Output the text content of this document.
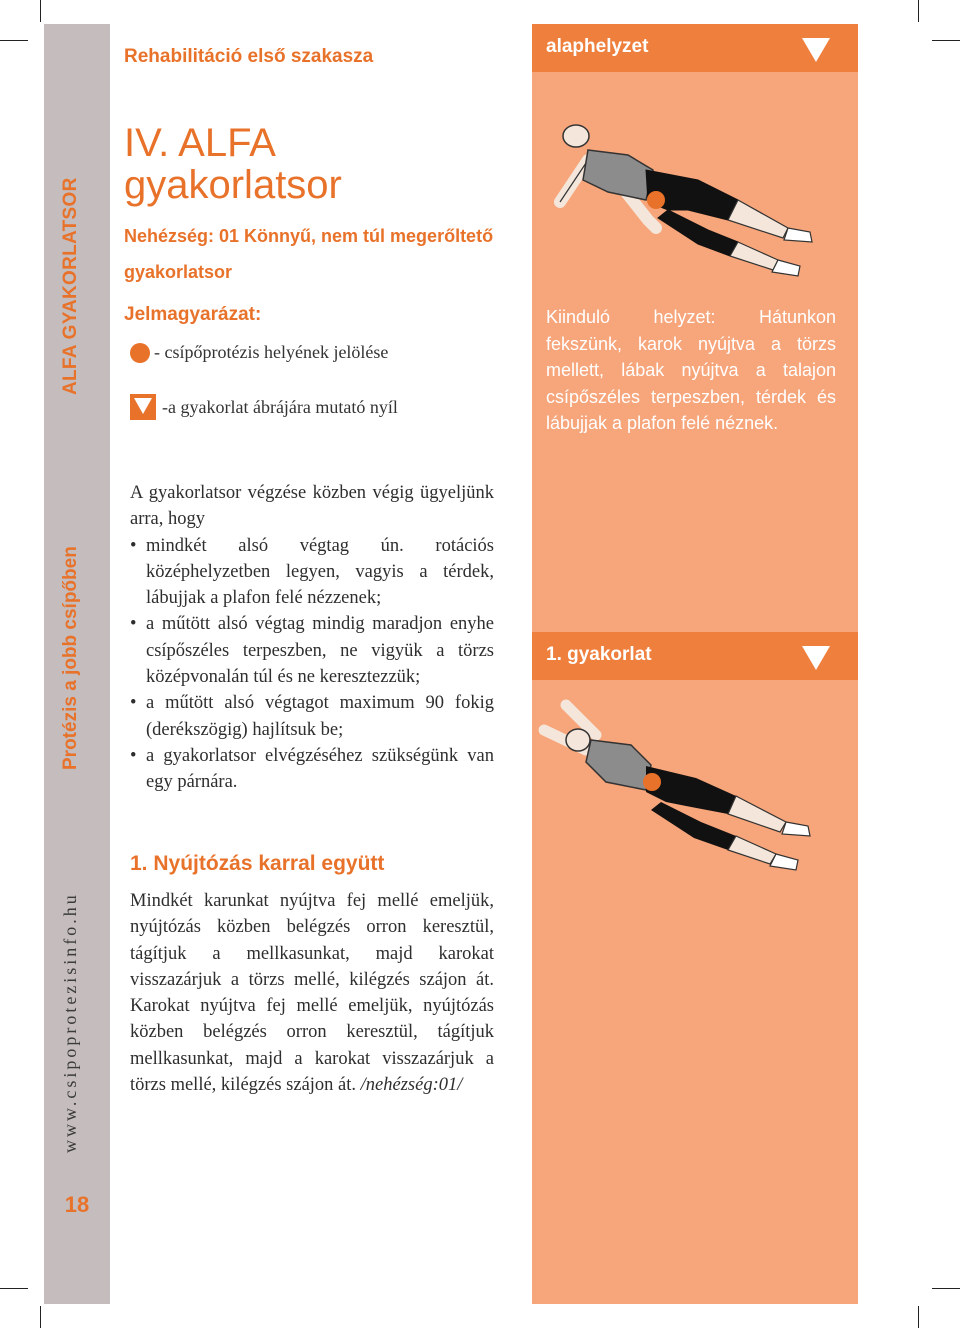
ALFA GYAKORLATSOR
Protézis a jobb csípőben
www.csipoprotezisinfo.hu
18
Rehabilitáció első szakasza
IV. ALFA
gyakorlatsor
Nehézség: 01 Könnyű, nem túl megerőltető gyakorlatsor
Jelmagyarázat:
- csípőprotézis helyének jelölése
-a gyakorlat ábrájára mutató nyíl

A gyakorlatsor végzése közben végig ügyeljünk arra, hogy

• mindkét alsó végtag ún. rotációs középhelyzetben legyen, vagyis a térdek, lábujjak a plafon felé nézzenek;
• a műtött alsó végtag mindig maradjon enyhe csípőszéles terpeszben, ne vigyük a törzs középvonalán túl és ne keresztezzük;
• a műtött alsó végtagot maximum 90 fokig (derékszögig) hajlítsuk be;
• a gyakorlatsor elvégzéséhez szükségünk van egy párnára.
1. Nyújtózás karral együtt
Mindkét karunkat nyújtva fej mellé emeljük, nyújtózás közben belégzés orron keresztül, tágítjuk a mellkasunkat, majd karokat visszazárjuk a törzs mellé, kilégzés szájon át. Karokat nyújtva fej mellé emeljük, nyújtózás közben belégzés orron keresztül, tágítjuk mellkasunkat, majd a karokat visszazárjuk a törzs mellé, kilégzés szájon át. /nehézség:01/
alaphelyzet
Kiinduló helyzet: Hátunkon fekszünk, karok nyújtva a törzs mellett, lábak nyújtva a talajon csípőszéles terpeszben, térdek és lábujjak a plafon felé néznek.
1. gyakorlat
